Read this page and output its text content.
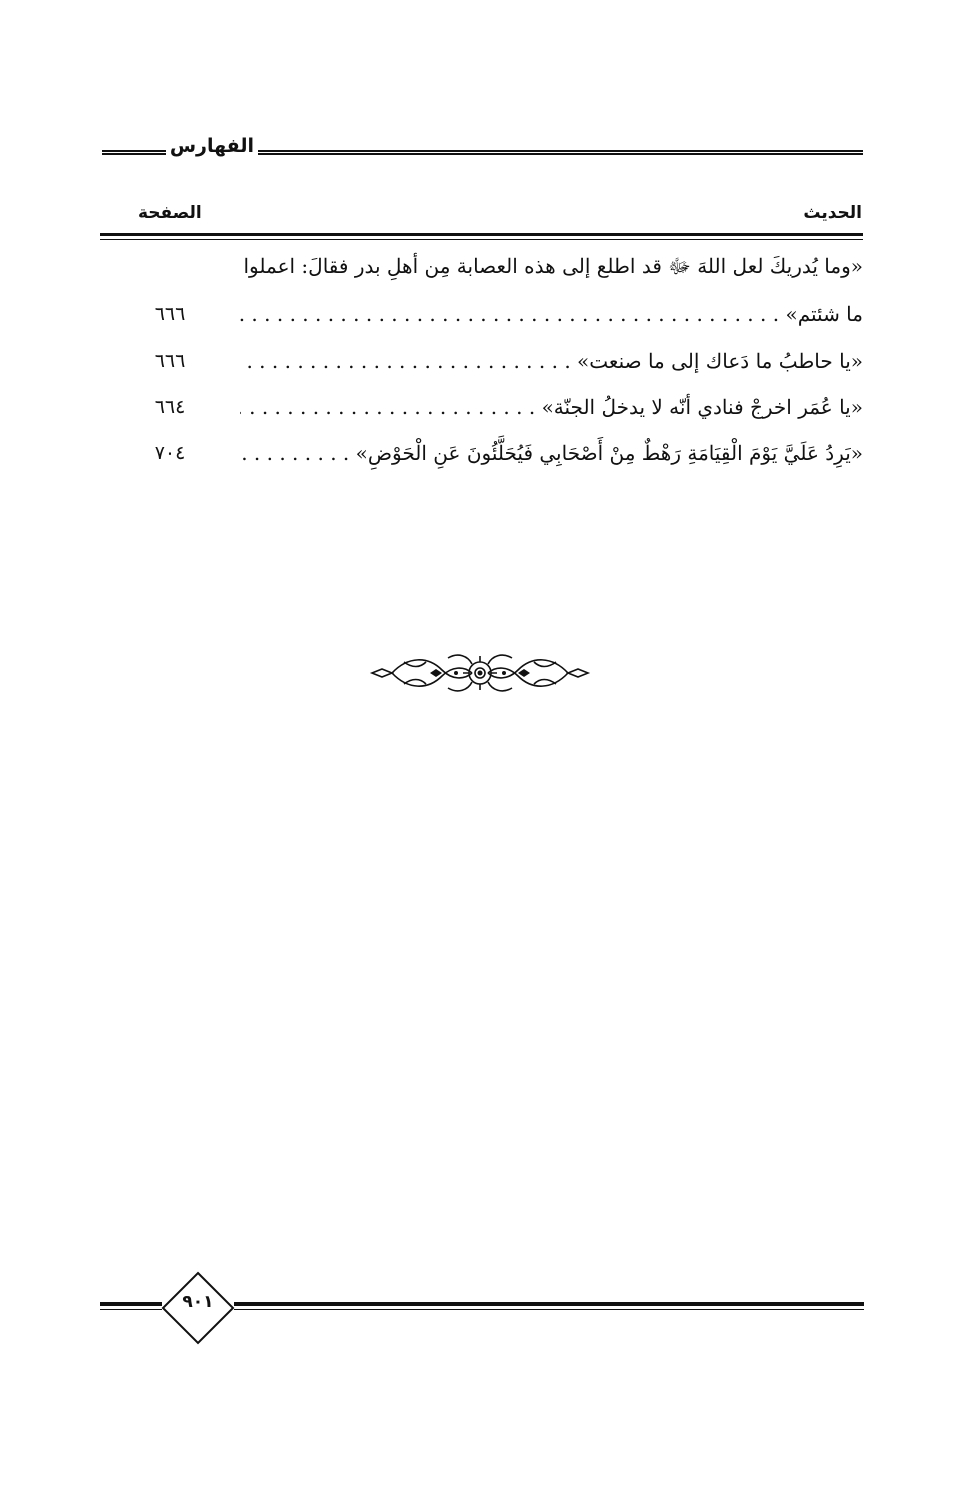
الفهارس
الحديث
الصفحة
«وما يُدريكَ لعل اللهَ ﷻ قد اطلع إلى هذه العصابة مِن أهلِ بدر فقالَ: اعملوا
ما شئتم» . . .
٦٦٦
«يا حاطبُ ما دَعاك إلى ما صنعت» . . .
٦٦٦
«يا عُمَر اخرجْ فنادي أنّه لا يدخلُ الجنّة» . . .
٦٦٤
«يَرِدُ عَلَيَّ يَوْمَ الْقِيَامَةِ رَهْطٌ مِنْ أَصْحَابِي فَيُحَلَّئُونَ عَنِ الْحَوْضِ» . . .
٧٠٤
٩٠١
